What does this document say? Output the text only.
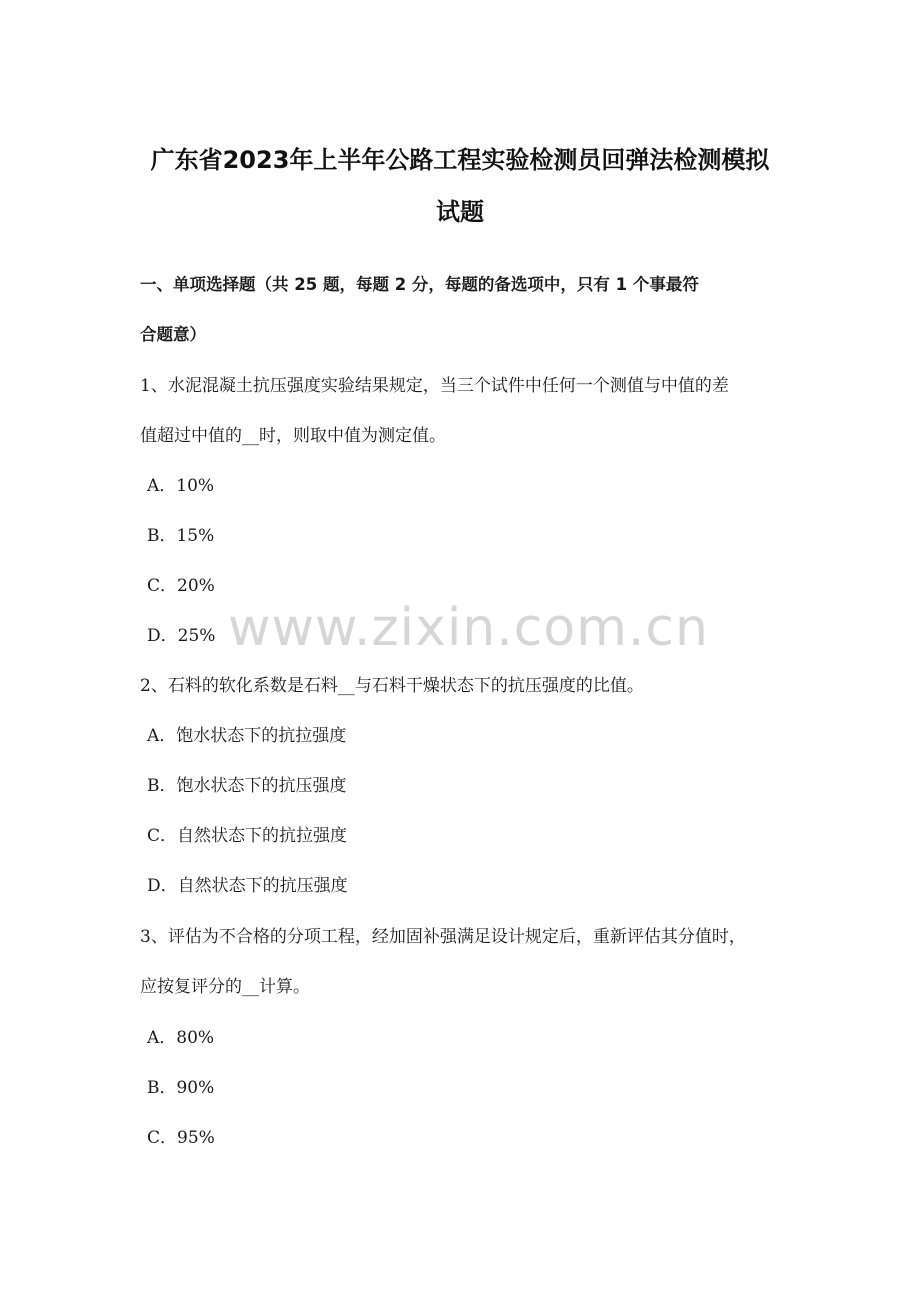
广东省2023年上半年公路工程实验检测员回弹法检测模拟
试题
一、单项选择题（共 25 题，每题 2 分，每题的备选项中，只有 1 个事最符
合题意）
1、水泥混凝土抗压强度实验结果规定，当三个试件中任何一个测值与中值的差
值超过中值的__时，则取中值为测定值。
A．10%
B．15%
C．20%
D．25%
2、石料的软化系数是石料__与石料干燥状态下的抗压强度的比值。
A．饱水状态下的抗拉强度
B．饱水状态下的抗压强度
C．自然状态下的抗拉强度
D．自然状态下的抗压强度
3、评估为不合格的分项工程，经加固补强满足设计规定后，重新评估其分值时，
应按复评分的__计算。
A．80%
B．90%
C．95%
www.zixin.com.cn
